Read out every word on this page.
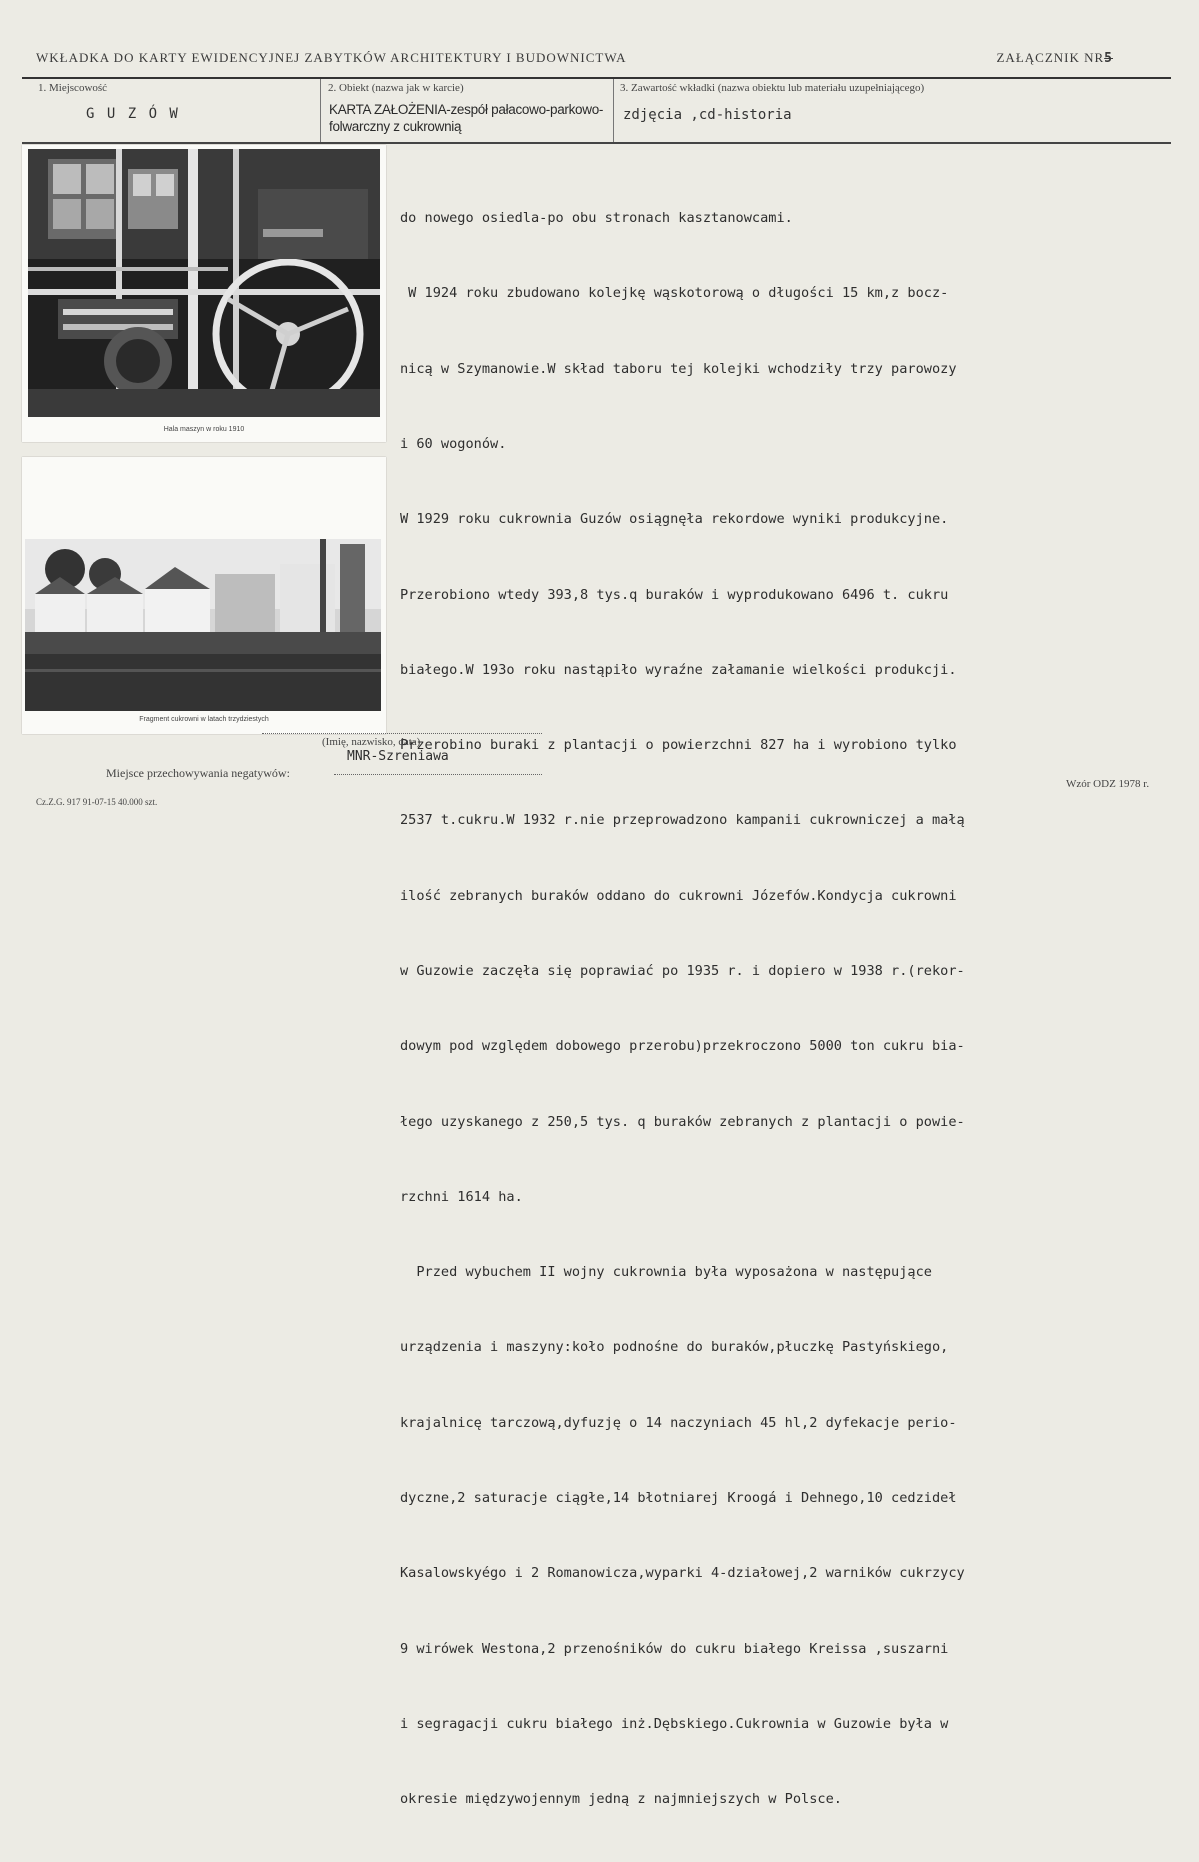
WKŁADKA DO KARTY EWIDENCYJNEJ ZABYTKÓW ARCHITEKTURY I BUDOWNICTWA	ZAŁĄCZNIK NR5
1. Miejscowość
G U Z Ó W
2. Obiekt (nazwa jak w karcie)
KARTA ZAŁOŻENIA-zespół pałacowo-parkowo-folwarczny z cukrownią
3. Zawartość wkładki (nazwa obiektu lub materiału uzupełniającego)
zdjęcia ,cd-historia
Hala maszyn w roku 1910
Fragment cukrowni w latach trzydziestych

do nowego osiedla-po obu stronach kasztanowcami.

W 1924 roku zbudowano kolejkę wąskotorową o długości 15 km,z bocz-

nicą w Szymanowie.W skład taboru tej kolejki wchodziły trzy parowozy

i 60 wogonów.

W 1929 roku cukrownia Guzów osiągnęła rekordowe wyniki produkcyjne.

Przerobiono wtedy 393,8 tys.q buraków i wyprodukowano 6496 t. cukru

białego.W 193o roku nastąpiło wyraźne załamanie wielkości produkcji.

Przerobino buraki z plantacji o powierzchni 827 ha i wyrobiono tylko

2537 t.cukru.W 1932 r.nie przeprowadzono kampanii cukrowniczej a małą

ilość zebranych buraków oddano do cukrowni Józefów.Kondycja cukrowni

w Guzowie zaczęła się poprawiać po 1935 r. i dopiero w 1938 r.(rekor-

dowym pod względem dobowego przerobu)przekroczono 5000 ton cukru bia-

łego uzyskanego z 250,5 tys. q buraków zebranych z plantacji o powie-

rzchni 1614 ha.

Przed wybuchem II wojny cukrownia była wyposażona w następujące

urządzenia i maszyny:koło podnośne do buraków,płuczkę Pastyńskiego,

krajalnicę tarczową,dyfuzję o 14 naczyniach 45 hl,2 dyfekacje perio-

dyczne,2 saturacje ciągłe,14 błotniarej Kroogá i Dehnego,10 cedzideł

Kasalowskyégo i 2 Romanowicza,wyparki 4-działowej,2 warników cukrzycy

9 wirówek Westona,2 przenośników do cukru białego Kreissa ,suszarni

i segragacji cukru białego inż.Dębskiego.Cukrownia w Guzowie była w

okresie międzywojennym jedną z najmniejszych w Polsce.

(Imię, nazwisko, data)
MNR-Szreniawa
Miejsce przechowywania negatywów:
Cz.Z.G. 917 91-07-15 40.000 szt.
Wzór ODZ 1978 r.
